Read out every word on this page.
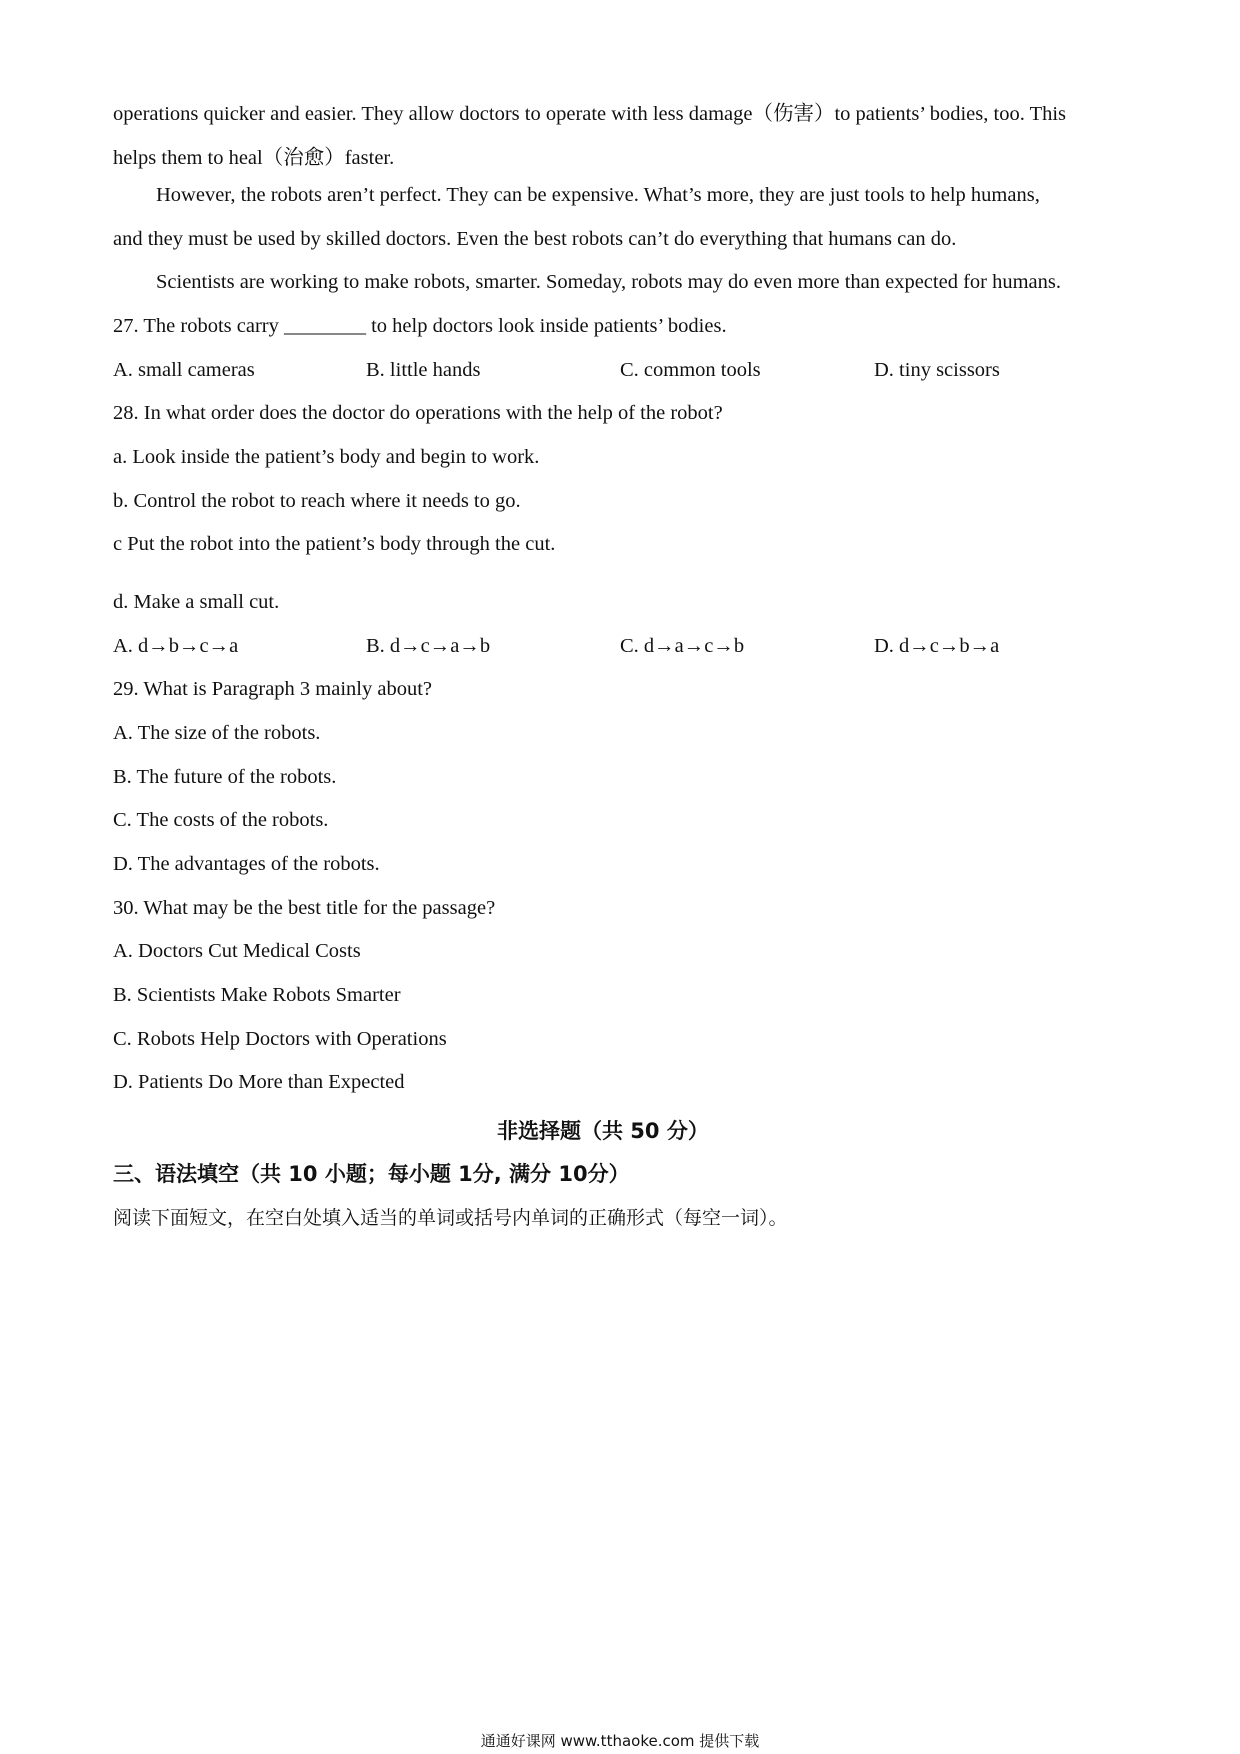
operations quicker and easier. They allow doctors to operate with less damage（伤害）to patients’ bodies, too. This
helps them to heal（治愈）faster.
However, the robots aren’t perfect. They can be expensive. What’s more, they are just tools to help humans,
and they must be used by skilled doctors. Even the best robots can’t do everything that humans can do.
Scientists are working to make robots, smarter. Someday, robots may do even more than expected for humans.
27. The robots carry ________ to help doctors look inside patients’ bodies.
A. small cameras	B. little hands	C. common tools	D. tiny scissors
28. In what order does the doctor do operations with the help of the robot?
a. Look inside the patient’s body and begin to work.
b. Control the robot to reach where it needs to go.
c Put the robot into the patient’s body through the cut.
d. Make a small cut.
A. d→b→c→a	B. d→c→a→b	C. d→a→c→b	D. d→c→b→a
29. What is Paragraph 3 mainly about?
A. The size of the robots.
B. The future of the robots.
C. The costs of the robots.
D. The advantages of the robots.
30. What may be the best title for the passage?
A. Doctors Cut Medical Costs
B. Scientists Make Robots Smarter
C. Robots Help Doctors with Operations
D. Patients Do More than Expected
非选择题（共 50 分）
三、语法填空（共 10 小题；每小题 1分, 满分 10分）
阅读下面短文，在空白处填入适当的单词或括号内单词的正确形式（每空一词）。
通通好课网 www.tthaoke.com 提供下载
